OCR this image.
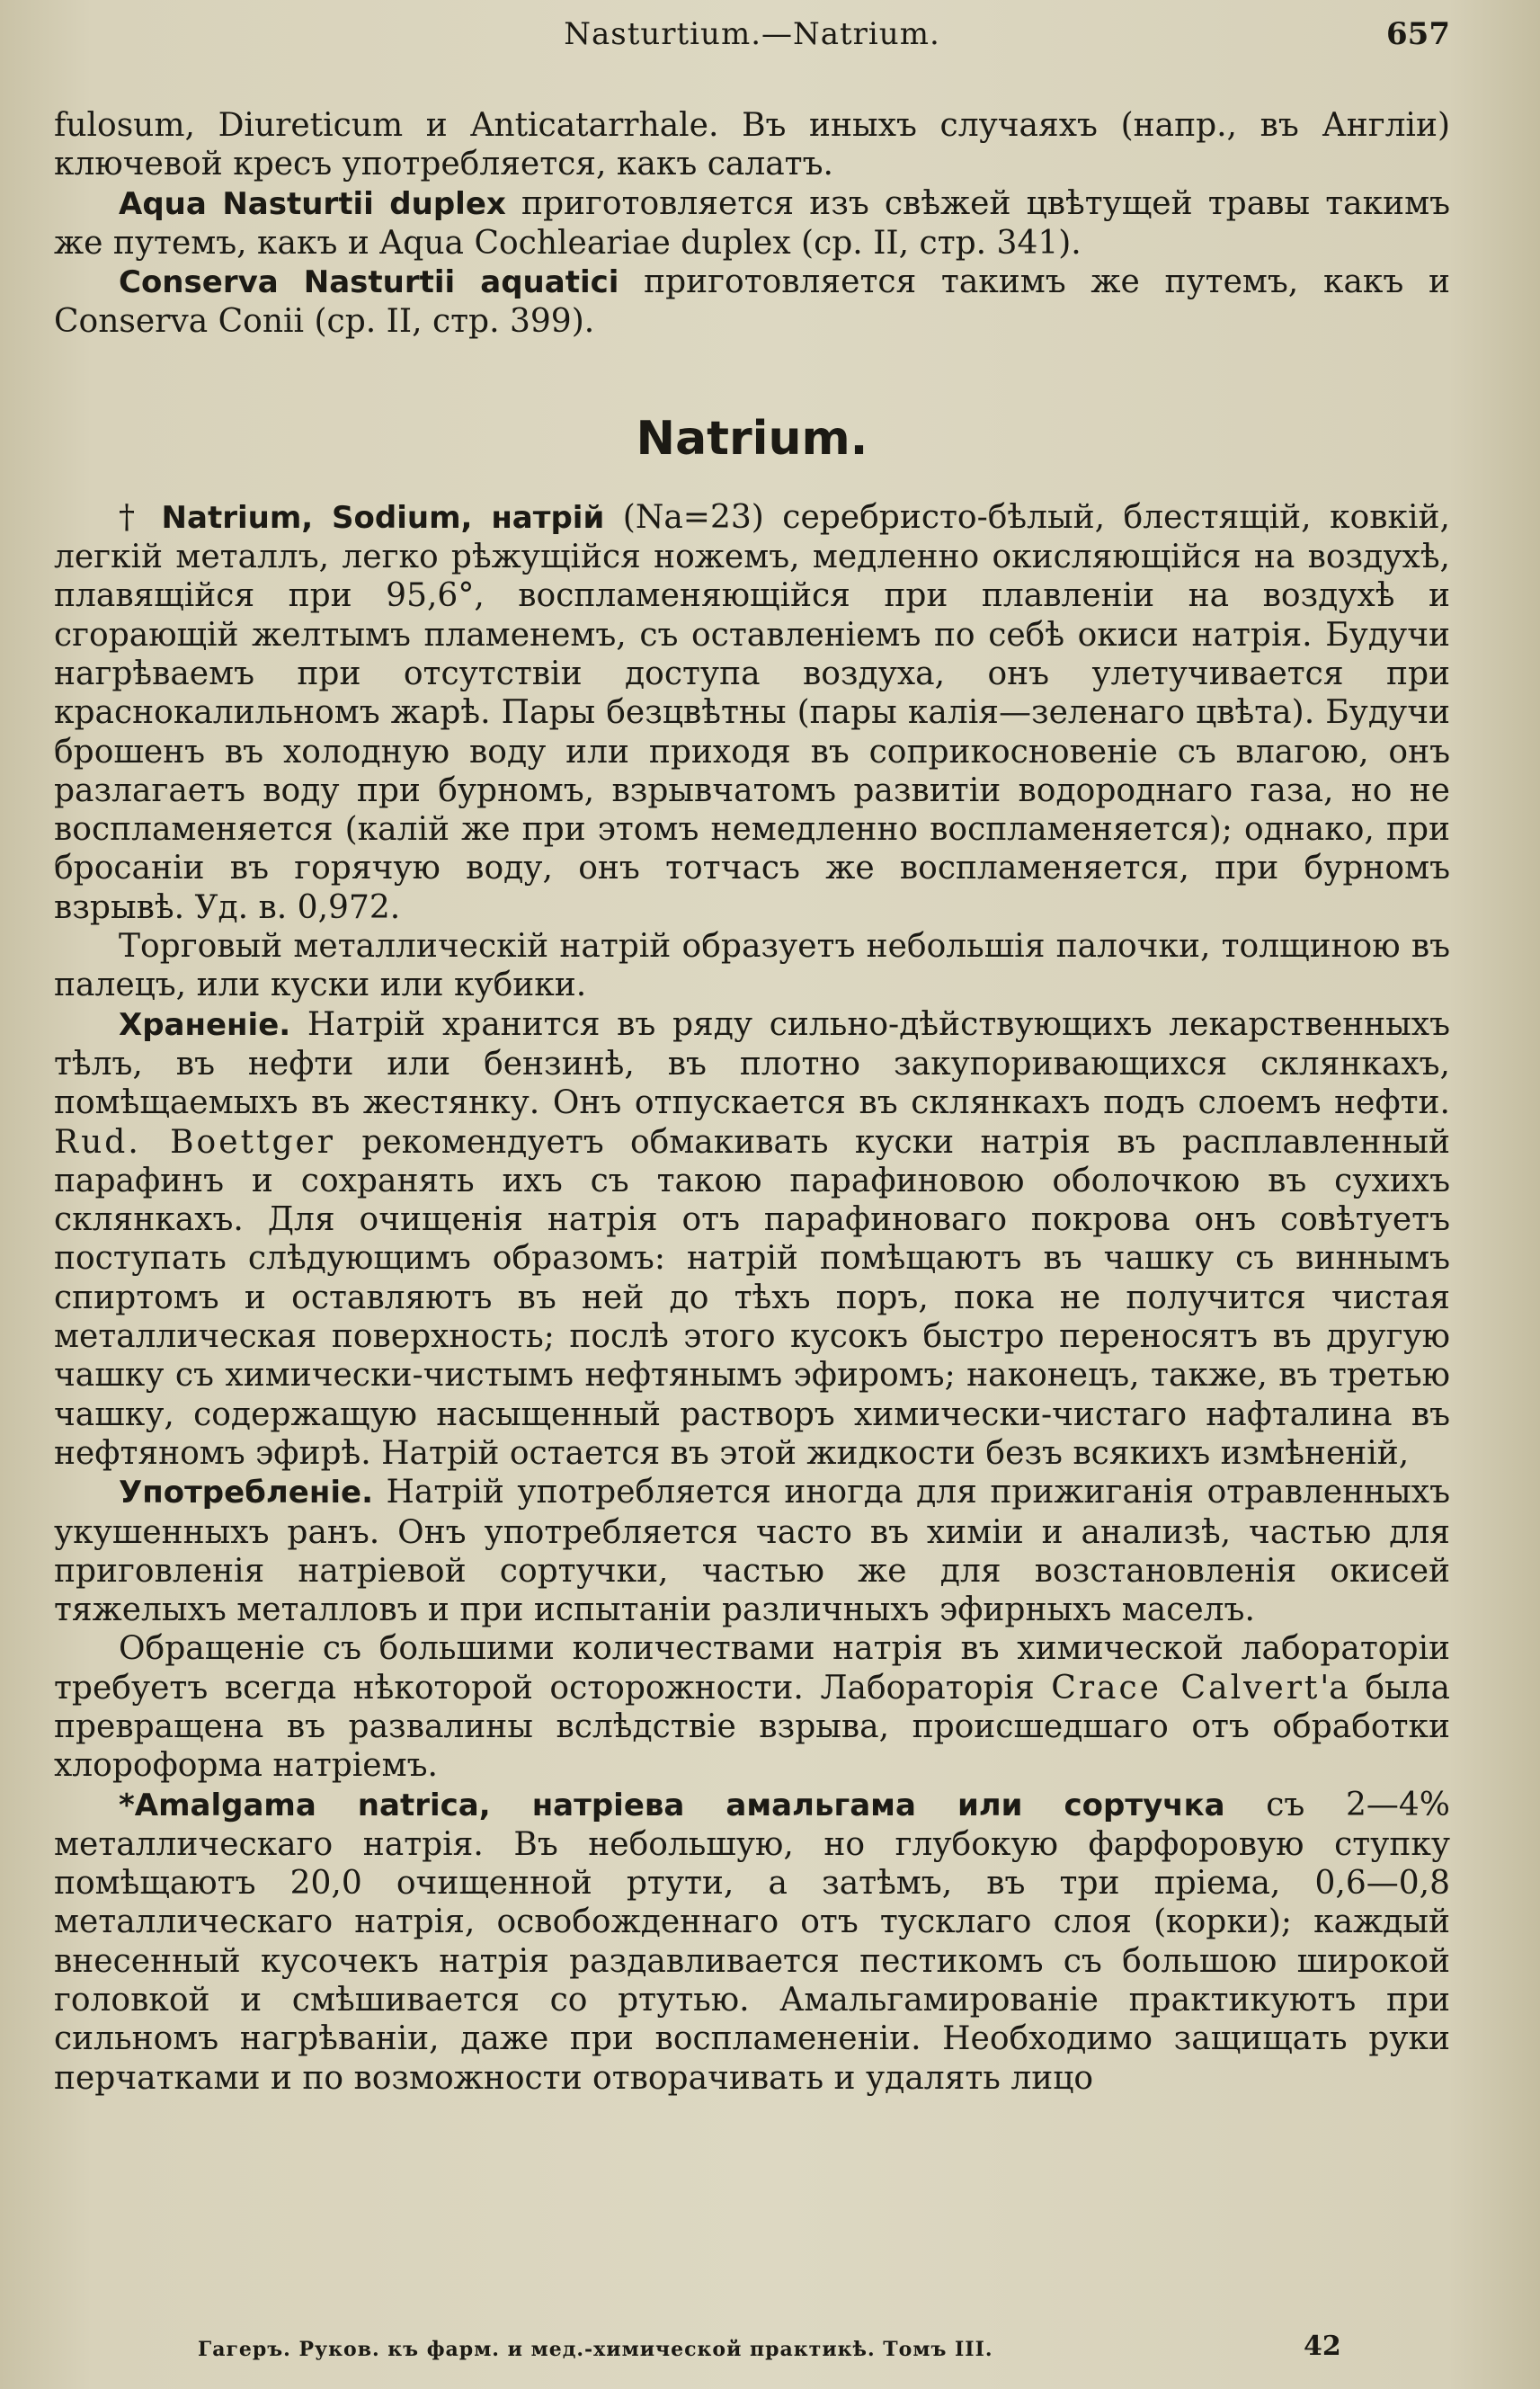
Nasturtium.—Natrium.	657

fulosum, Diureticum и Anticatarrhale. Въ иныхъ случаяхъ (напр., въ Англіи) ключевой кресъ употребляется, какъ салатъ.

Aqua Nasturtii duplex приготовляется изъ свѣжей цвѣтущей травы такимъ же путемъ, какъ и Aqua Cochleariae duplex (ср. II, стр. 341).

Conserva Nasturtii aquatici приготовляется такимъ же путемъ, какъ и Conserva Conii (ср. II, стр. 399).

Natrium.

† Natrium, Sodium, натрій (Na=23) серебристо-бѣлый, блестящій, ковкій, легкій металлъ, легко рѣжущійся ножемъ, медленно окисляющійся на воздухѣ, плавящійся при 95,6°, воспламеняющійся при плавленіи на воздухѣ и сгорающій желтымъ пламенемъ, съ оставленіемъ по себѣ окиси натрія. Будучи нагрѣваемъ при отсутствіи доступа воздуха, онъ улетучивается при краснокалильномъ жарѣ. Пары безцвѣтны (пары калія—зеленаго цвѣта). Будучи брошенъ въ холодную воду или приходя въ соприкосновеніе съ влагою, онъ разлагаетъ воду при бурномъ, взрывчатомъ развитіи водороднаго газа, но не воспламеняется (калій же при этомъ немедленно воспламеняется); однако, при бросаніи въ горячую воду, онъ тотчасъ же воспламеняется, при бурномъ взрывѣ. Уд. в. 0,972.

Торговый металлическій натрій образуетъ небольшія палочки, толщиною въ палецъ, или куски или кубики.

Храненіе. Натрій хранится въ ряду сильно-дѣйствующихъ лекарственныхъ тѣлъ, въ нефти или бензинѣ, въ плотно закупоривающихся склянкахъ, помѣщаемыхъ въ жестянку. Онъ отпускается въ склянкахъ подъ слоемъ нефти. Rud. Boettger рекомендуетъ обмакивать куски натрія въ расплавленный парафинъ и сохранять ихъ съ такою парафиновою оболочкою въ сухихъ склянкахъ. Для очищенія натрія отъ парафиноваго покрова онъ совѣтуетъ поступать слѣдующимъ образомъ: натрій помѣщаютъ въ чашку съ виннымъ спиртомъ и оставляютъ въ ней до тѣхъ поръ, пока не получится чистая металлическая поверхность; послѣ этого кусокъ быстро переносятъ въ другую чашку съ химически-чистымъ нефтянымъ эфиромъ; наконецъ, также, въ третью чашку, содержащую насыщенный растворъ химически-чистаго нафталина въ нефтяномъ эфирѣ. Натрій остается въ этой жидкости безъ всякихъ измѣненій,

Употребленіе. Натрій употребляется иногда для прижиганія отравленныхъ укушенныхъ ранъ. Онъ употребляется часто въ химіи и анализѣ, частью для приговленія натріевой сортучки, частью же для возстановленія окисей тяжелыхъ металловъ и при испытаніи различныхъ эфирныхъ маселъ.

Обращеніе съ большими количествами натрія въ химической лабораторіи требуетъ всегда нѣкоторой осторожности. Лабораторія Crace Calvert'а была превращена въ развалины вслѣдствіе взрыва, происшедшаго отъ обработки хлороформа натріемъ.

*Amalgama natrica, натріева амальгама или сортучка съ 2—4% металлическаго натрія. Въ небольшую, но глубокую фарфоровую ступку помѣщаютъ 20,0 очищенной ртути, а затѣмъ, въ три пріема, 0,6—0,8 металлическаго натрія, освобожденнаго отъ тусклаго слоя (корки); каждый внесенный кусочекъ натрія раздавливается пестикомъ съ большою широкой головкой и смѣшивается со ртутью. Амальгамированіе практикуютъ при сильномъ нагрѣваніи, даже при воспламененіи. Необходимо защищать руки перчатками и по возможности отворачивать и удалять лицо

Гагеръ. Руков. къ фарм. и мед.-химической практикѣ. Томъ III.	42
